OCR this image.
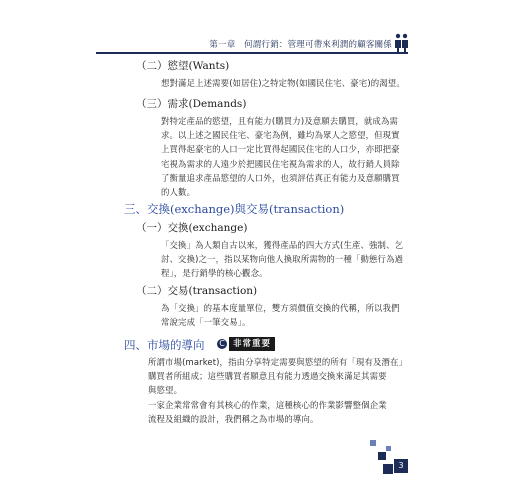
第一章　何謂行銷：管理可帶來利潤的顧客關係
（二）慾望(Wants)

想對滿足上述需要(如居住)之特定物(如國民住宅、豪宅)的渴望。

（三）需求(Demands)

對特定產品的慾望，且有能力(購買力)及意願去購買，就成為需

求。以上述之國民住宅、豪宅為例，雖均為眾人之慾望，但現實

上買得起豪宅的人口一定比買得起國民住宅的人口少，亦即把豪

宅視為需求的人遠少於把國民住宅視為需求的人，故行銷人員除

了衡量追求產品慾望的人口外，也須評估真正有能力及意願購買

的人數。

三、交換(exchange)與交易(transaction)
（一）交換(exchange)

「交換」為人類自古以來，獲得產品的四大方式(生產、強制、乞

討、交換)之一，指以某物向他人換取所需物的一種「動態行為過

程」，是行銷學的核心觀念。

（二）交易(transaction)

為「交換」的基本度量單位，雙方須價值交換的代稱，所以我們

常說完成「一筆交易」。

四、市場的導向 C 非常重要

所謂市場(market)，指由分享特定需要與慾望的所有「現有及潛在」

購買者所組成；這些購買者願意且有能力透過交換來滿足其需要

與慾望。

一家企業常常會有其核心的作業，這種核心的作業影響整個企業

流程及組織的設計，我們稱之為市場的導向。

3
